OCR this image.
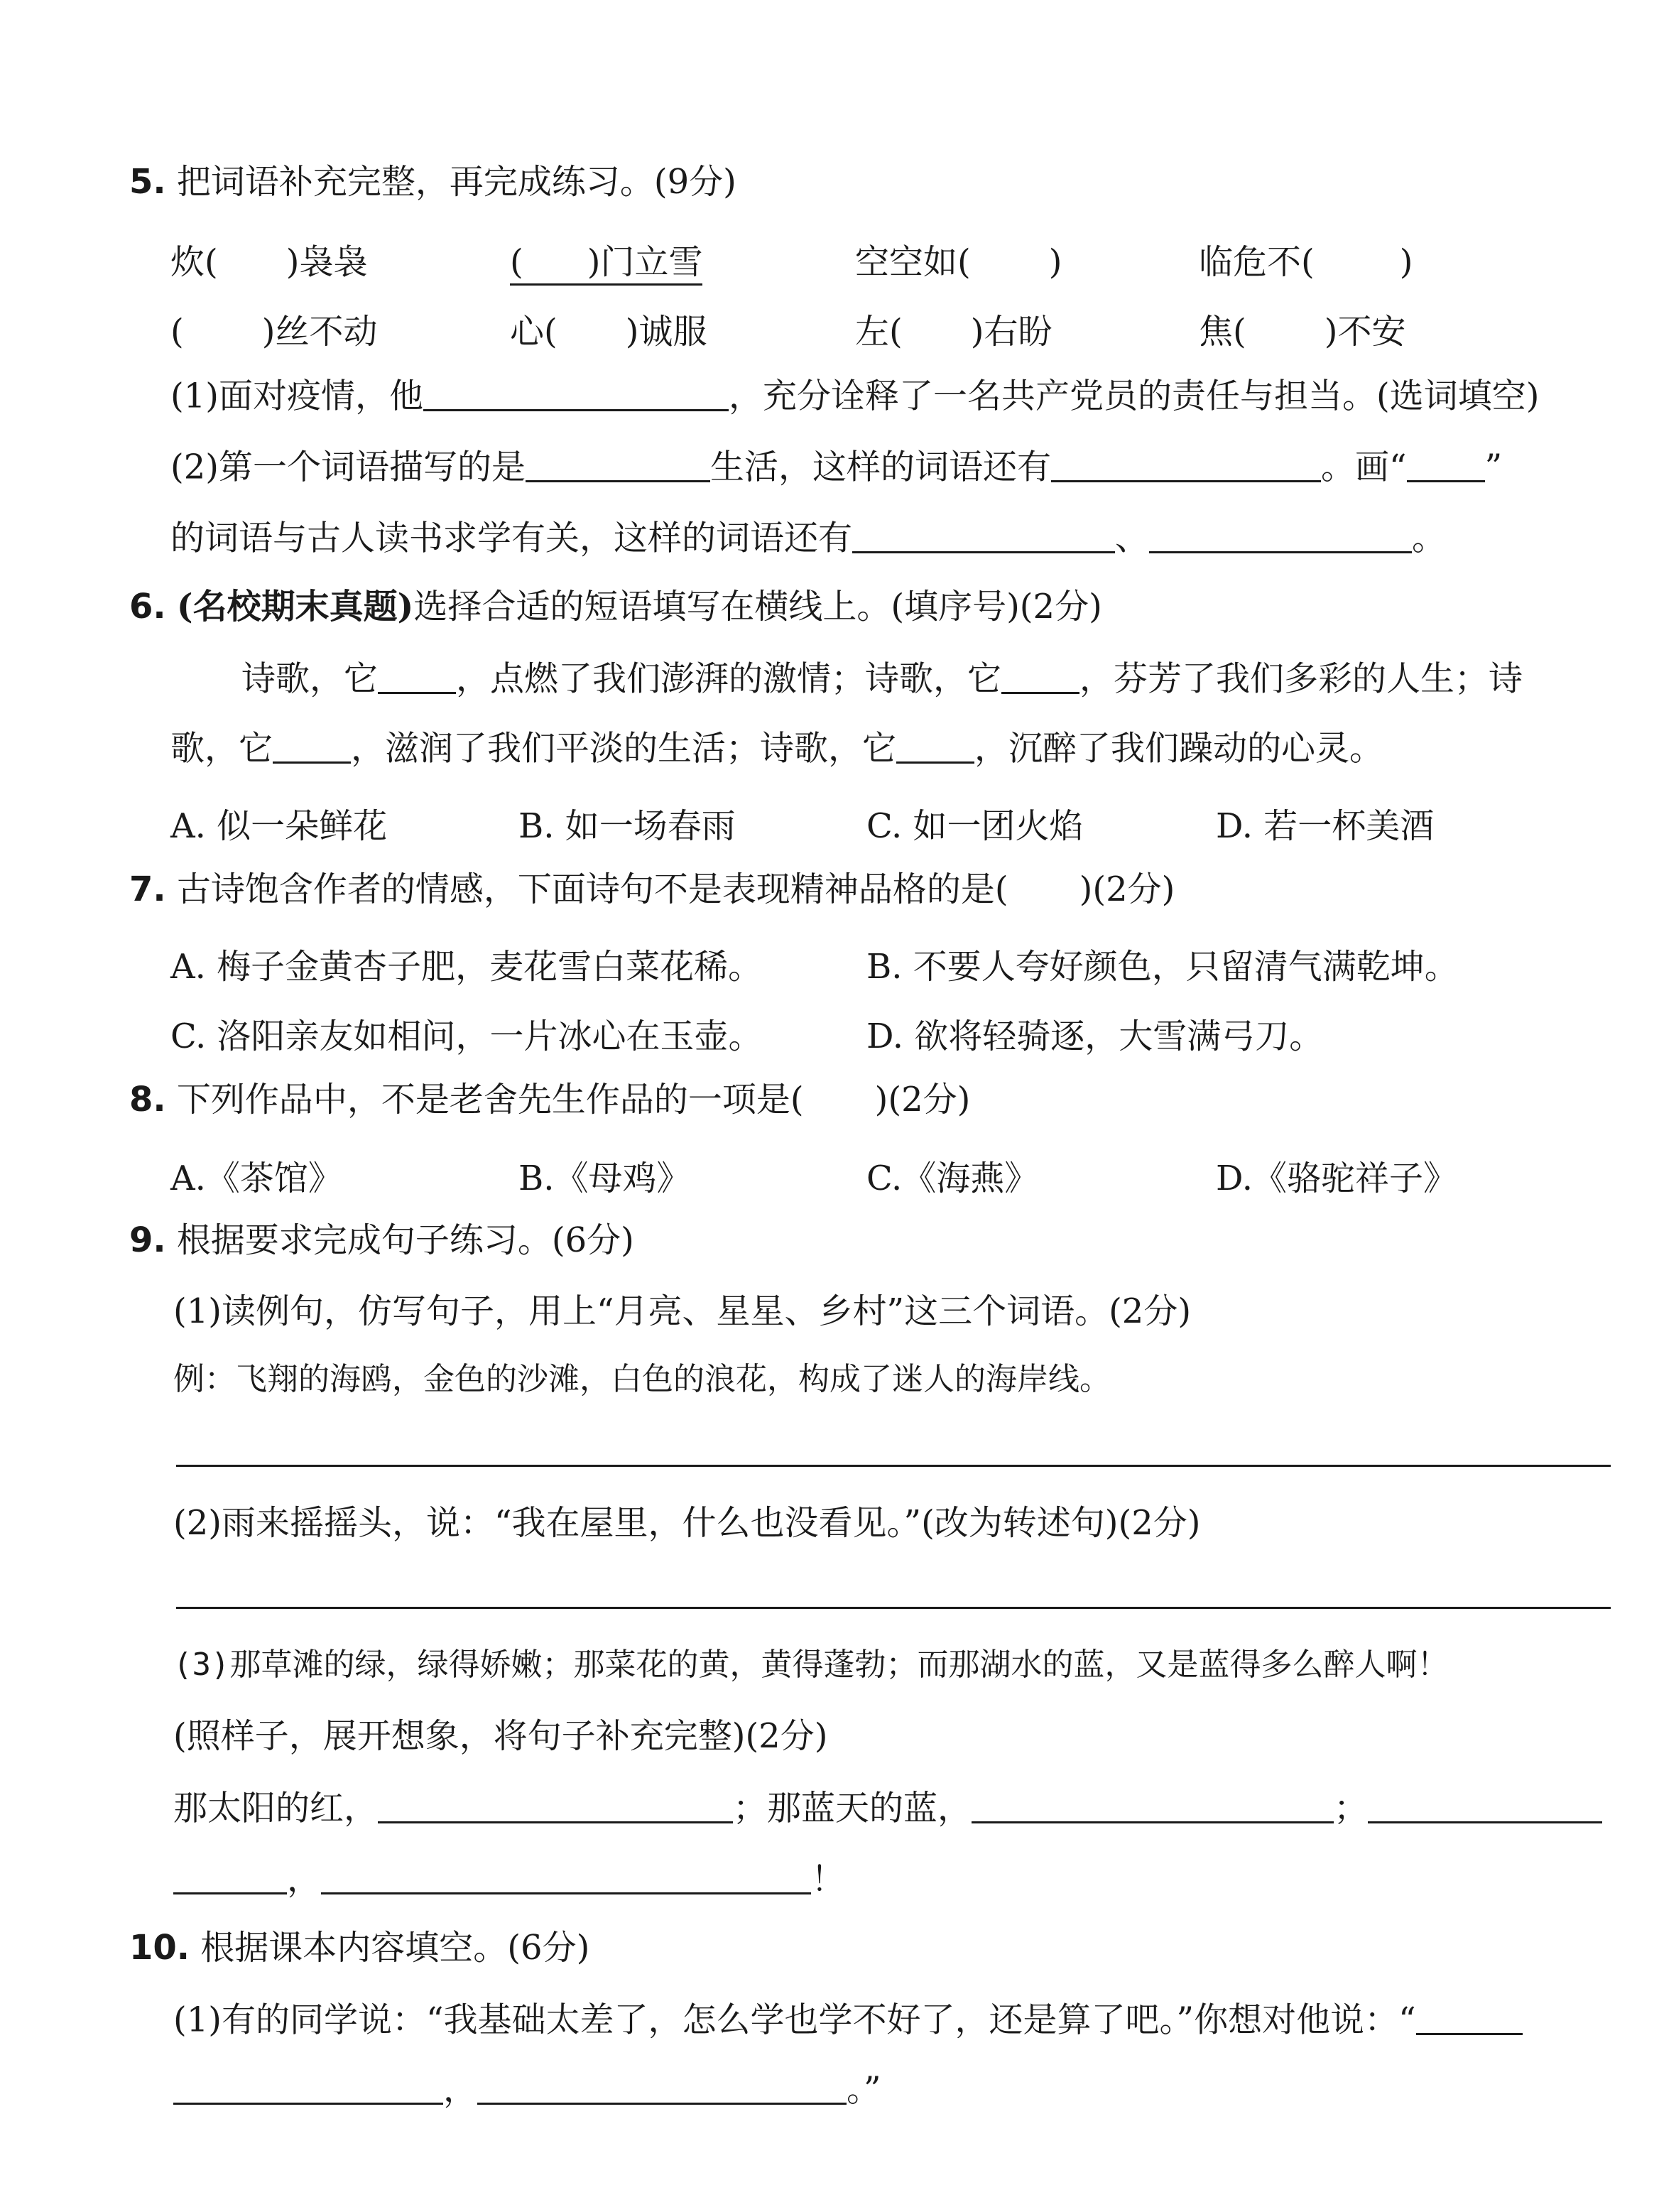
5. 把词语补充完整，再完成练习。(9分)
炊( )袅袅	( )门立雪	空空如( )	临危不(	)
( )丝不动	心( )诚服	左( )右盼	焦( )不安
(1)面对疫情，他	，充分诠释了一名共产党员的责任与担当。(选词填空)
(2)第一个词语描写的是	生活，这样的词语还有	。画“ ”
的词语与古人读书求学有关，这样的词语还有	、	。
6. (名校期末真题)选择合适的短语填写在横线上。(填序号)(2分)
诗歌，它 ，点燃了我们澎湃的激情；诗歌，它 ，芬芳了我们多彩的人生；诗
歌，它 ，滋润了我们平淡的生活；诗歌，它 ，沉醉了我们躁动的心灵。
A. 似一朵鲜花	B. 如一场春雨	C. 如一团火焰	D. 若一杯美酒
7. 古诗饱含作者的情感，下面诗句不是表现精神品格的是( )(2分)
A. 梅子金黄杏子肥，麦花雪白菜花稀。	B. 不要人夸好颜色，只留清气满乾坤。
C. 洛阳亲友如相问，一片冰心在玉壶。	D. 欲将轻骑逐，大雪满弓刀。
8. 下列作品中，不是老舍先生作品的一项是( )(2分)
A.《茶馆》	B.《母鸡》	C.《海燕》	D.《骆驼祥子》
9. 根据要求完成句子练习。(6分)
(1)读例句，仿写句子，用上“月亮、星星、乡村”这三个词语。(2分)
例：飞翔的海鸥，金色的沙滩，白色的浪花，构成了迷人的海岸线。
(2)雨来摇摇头，说：“我在屋里，什么也没看见。”(改为转述句)(2分)
(3)那草滩的绿，绿得娇嫩；那菜花的黄，黄得蓬勃；而那湖水的蓝，又是蓝得多么醉人啊！
(照样子，展开想象，将句子补充完整)(2分)
那太阳的红，	；那蓝天的蓝，	；
，	！
10. 根据课本内容填空。(6分)
(1)有的同学说：“我基础太差了，怎么学也学不好了，还是算了吧。”你想对他说：“
，	。”
